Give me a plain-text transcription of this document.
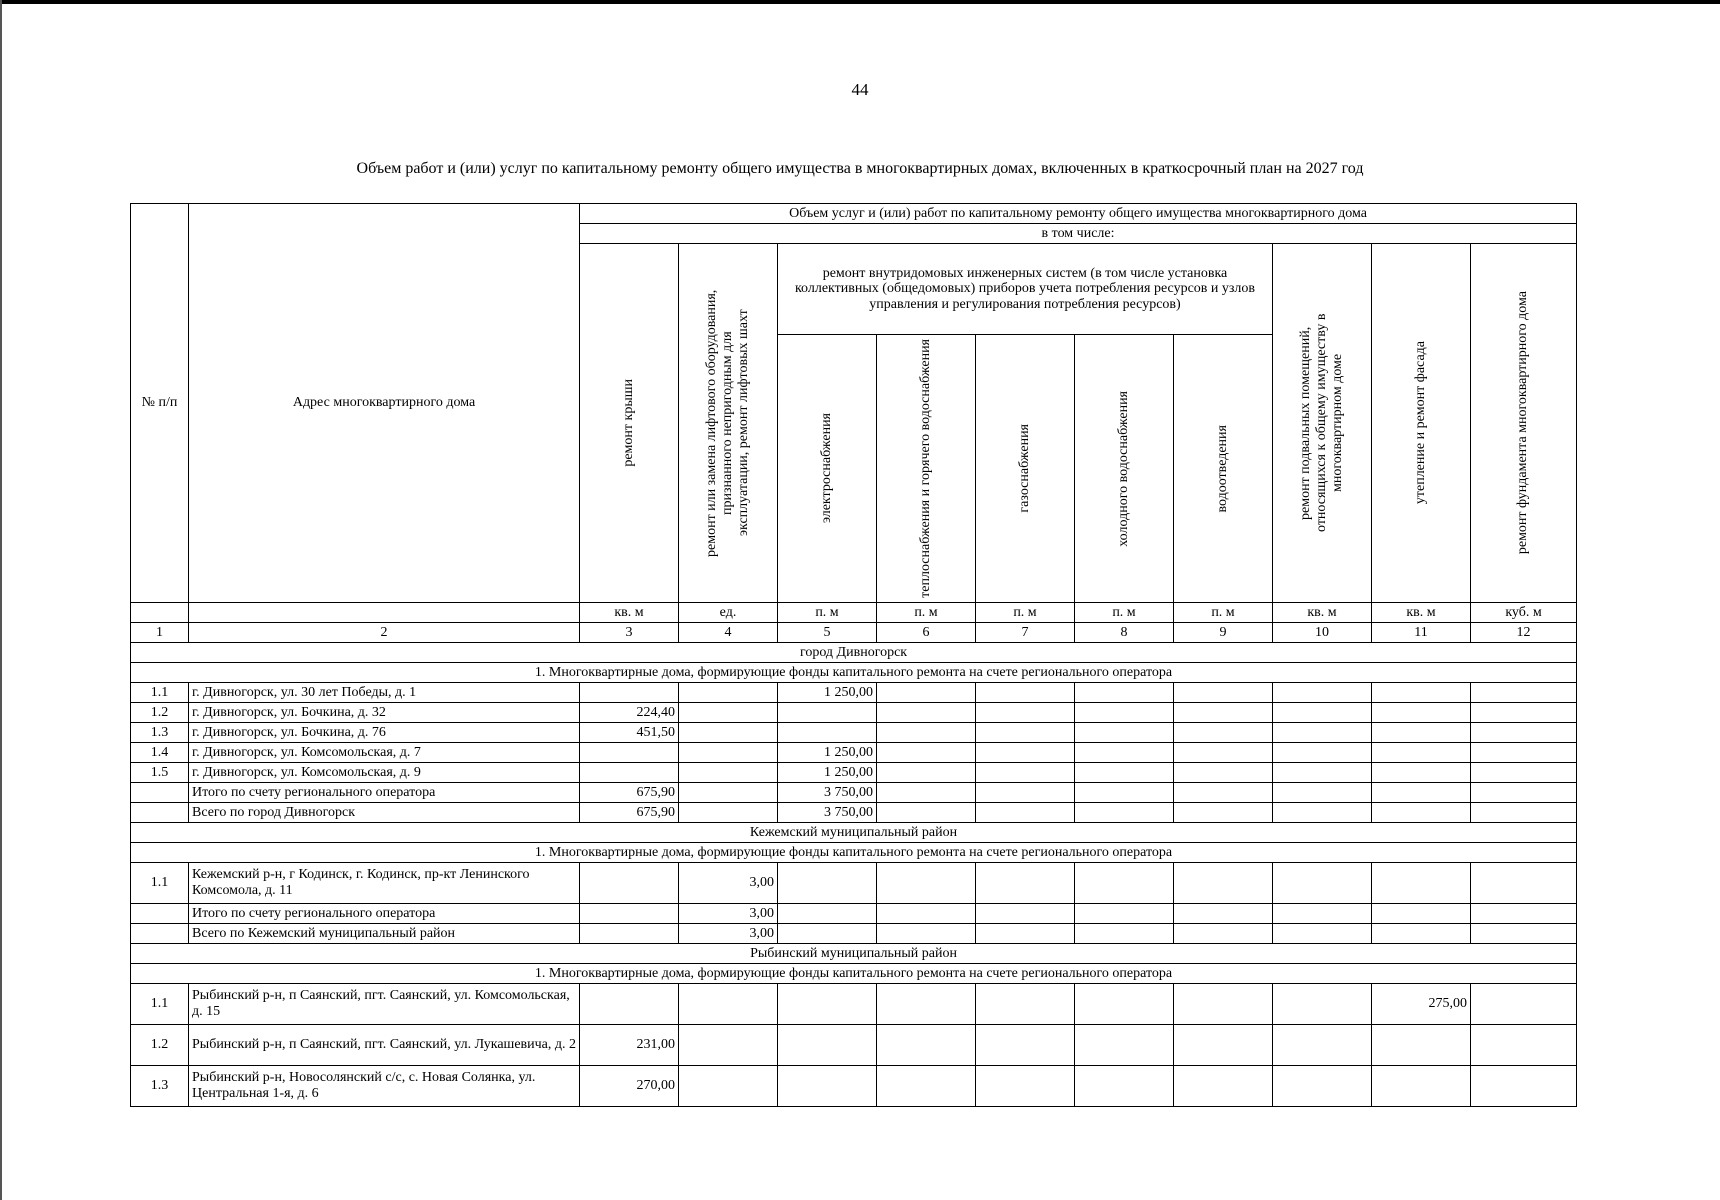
44
Объем работ и (или) услуг по капитальному ремонту общего имущества в многоквартирных домах, включенных в краткосрочный план на 2027 год
№ п/п	Адрес многоквартирного дома	Объем услуг и (или) работ по капитальному ремонту общего имущества многоквартирного дома									
		в том числе:									

		ремонт крыши	ремонт или замена лифтового оборудования, признанного непригодным для эксплуатации, ремонт лифтовых шахт	ремонт внутридомовых инженерных систем (в том числе установка коллективных (общедомовых) приборов учета потребления ресурсов и узлов управления и регулирования потребления ресурсов)					ремонт подвальных помещений, относящихся к общему имуществу в многоквартирном доме	утепление и ремонт фасада	ремонт фундамента многоквартирного дома

				электроснабжения	теплоснабжения и горячего водоснабжения	газоснабжения	холодного водоснабжения	водоотведения			

		кв. м	ед.	п. м	п. м	п. м	п. м	п. м	кв. м	кв. м	куб. м
1	2	3	4	5	6	7	8	9	10	11	12
город Дивногорск											
1. Многоквартирные дома, формирующие фонды капитального ремонта на счете регионального оператора											
1.1	г. Дивногорск, ул. 30 лет Победы, д. 1			1 250,00							
1.2	г. Дивногорск, ул. Бочкина, д. 32	224,40									
1.3	г. Дивногорск, ул. Бочкина, д. 76	451,50									
1.4	г. Дивногорск, ул. Комсомольская, д. 7			1 250,00							
1.5	г. Дивногорск, ул. Комсомольская, д. 9			1 250,00							
	Итого по счету регионального оператора	675,90		3 750,00							
	Всего по город Дивногорск	675,90		3 750,00							
Кежемский муниципальный район											
1. Многоквартирные дома, формирующие фонды капитального ремонта на счете регионального оператора											
1.1	Кежемский р-н, г Кодинск, г. Кодинск, пр-кт Ленинского Комсомола, д. 11		3,00								
	Итого по счету регионального оператора		3,00								
	Всего по Кежемский муниципальный район		3,00								
Рыбинский муниципальный район											
1. Многоквартирные дома, формирующие фонды капитального ремонта на счете регионального оператора											
1.1	Рыбинский р-н, п Саянский, пгт. Саянский, ул. Комсомольская, д. 15									275,00	
1.2	Рыбинский р-н, п Саянский, пгт. Саянский, ул. Лукашевича, д. 2	231,00									
1.3	Рыбинский р-н, Новосолянский с/с, с. Новая Солянка, ул. Центральная 1-я, д. 6	270,00									
